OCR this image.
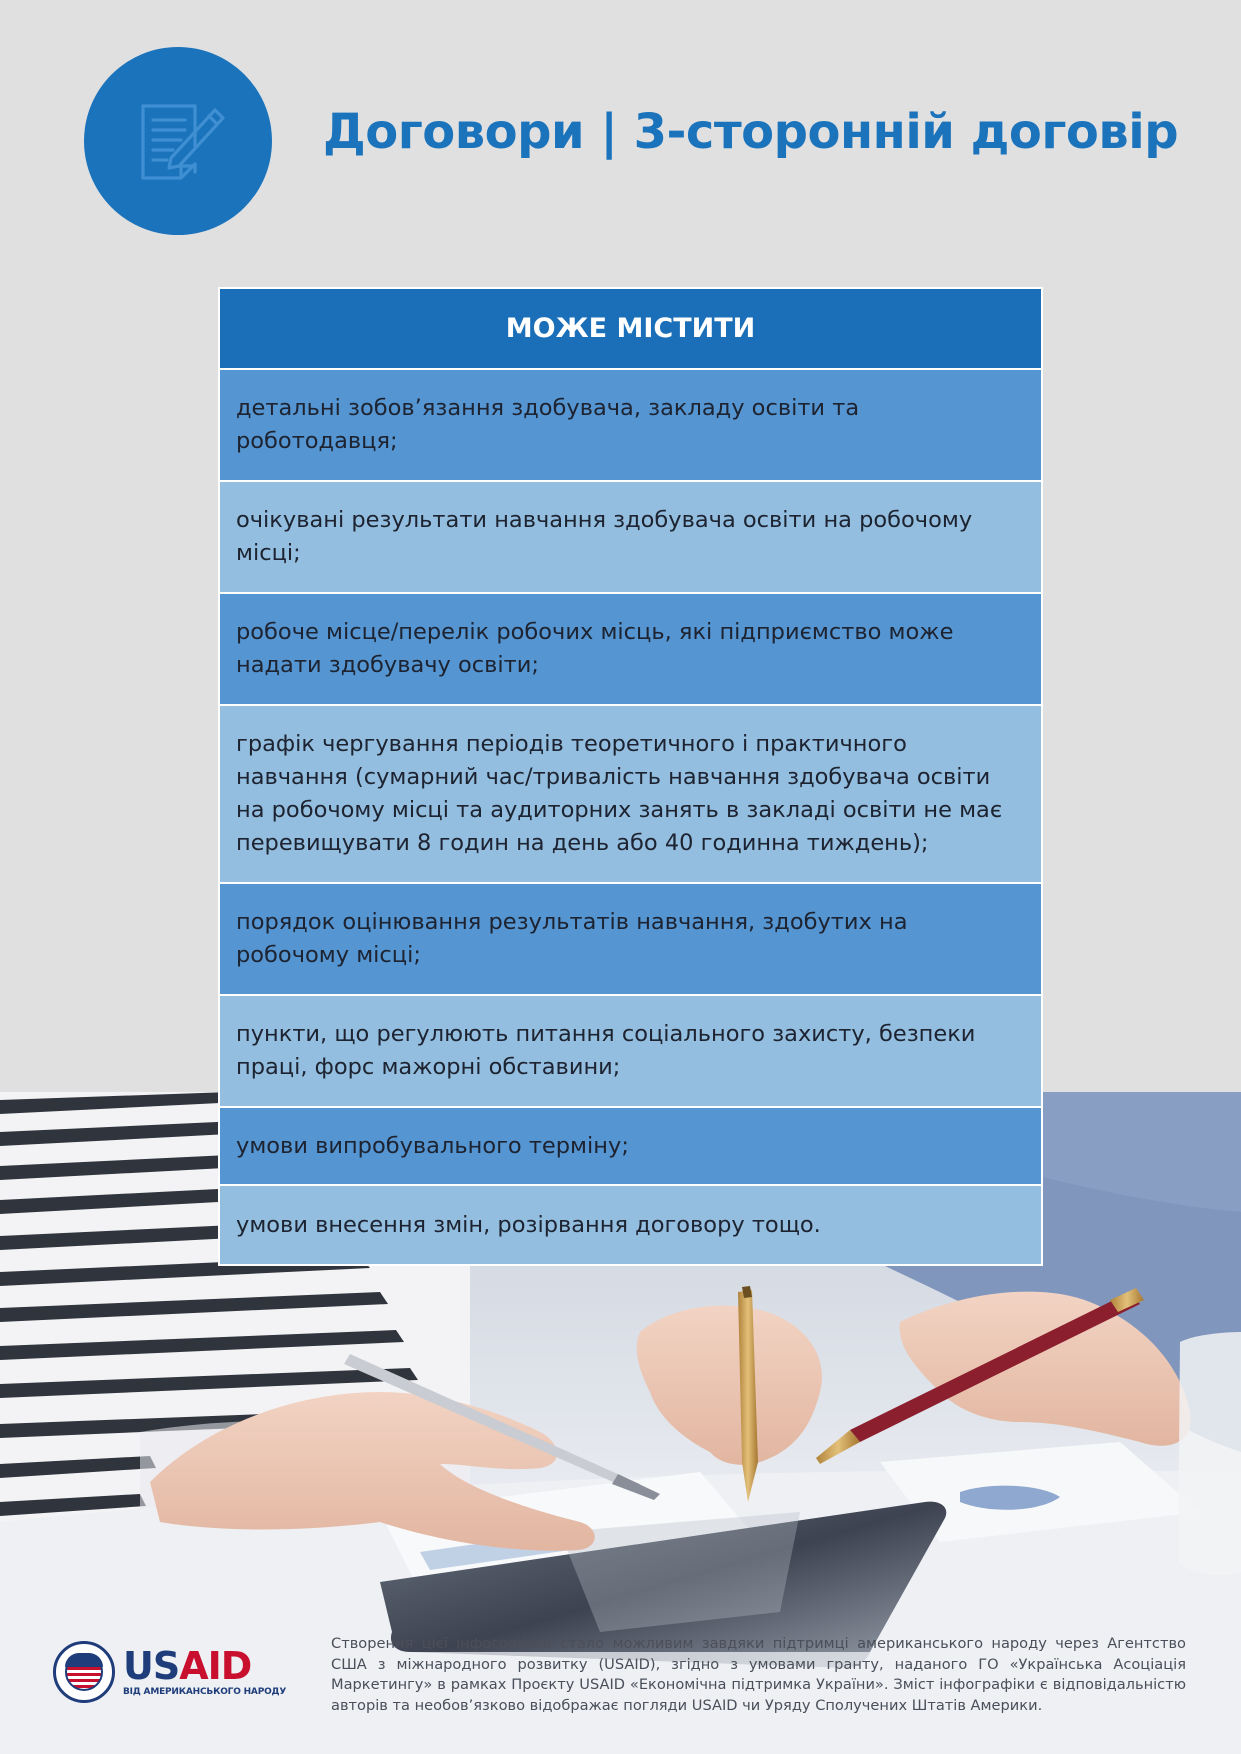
Договори | 3-сторонній договір
МОЖЕ МІСТИТИ
детальні зобов’язання здобувача, закладу освіти та роботодавця;
очікувані результати навчання здобувача освіти на робочому місці;
робоче місце/перелік робочих місць, які підприємство може надати здобувачу освіти;
графік чергування періодів теоретичного і практичного навчання (сумарний час/тривалість навчання здобувача освіти на робочому місці та аудиторних занять в закладі освіти не має перевищувати 8 годин на день або 40 годинна тиждень);
порядок оцінювання результатів навчання, здобутих на робочому місці;
пункти, що регулюють питання соціального захисту, безпеки праці, форс мажорні обставини;
умови випробувального терміну;
умови внесення змін, розірвання договору тощо.
USAID
ВІД АМЕРИКАНСЬКОГО НАРОДУ

Створення цієї інфографіки стало можливим завдяки підтримці американського народу через Агентство США з міжнародного розвитку (USAID), згідно з умовами гранту, наданого ГО «Українська Асоціація Маркетингу» в рамках Проєкту USAID «Економічна підтримка України». Зміст інфографіки є відповідальністю авторів та необов’язково відображає погляди USAID чи Уряду Сполучених Штатів Америки.
